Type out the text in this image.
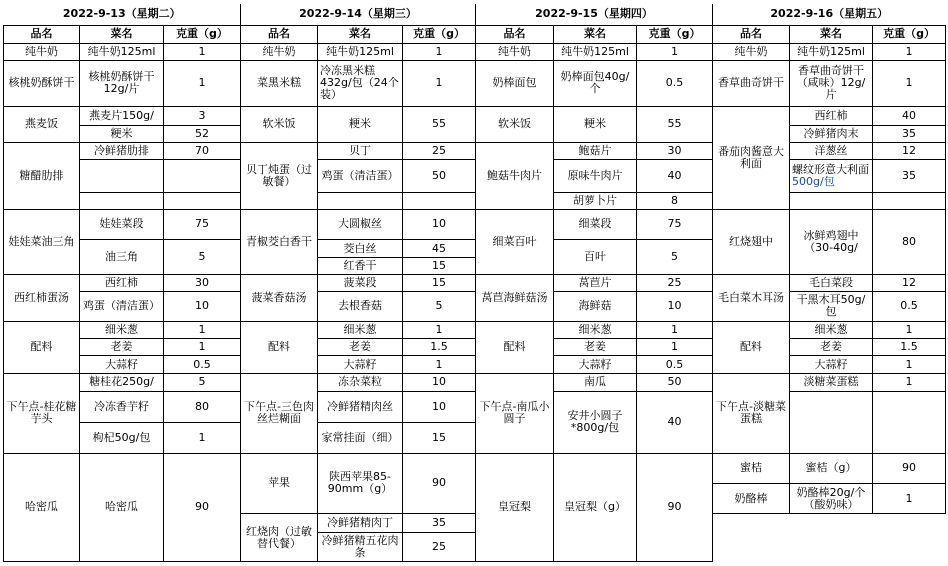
2022-9-13（星期二）			2022-9-14（星期三）			2022-9-15（星期四）			2022-9-16（星期五）		
品名	菜名	克重（g）	品名	菜名	克重（g）	品名	菜名	克重（g）	品名	菜名	克重（g）
纯牛奶	纯牛奶125ml	1	纯牛奶	纯牛奶125ml	1	纯牛奶	纯牛奶125ml	1	纯牛奶	纯牛奶125ml	1
核桃奶酥饼干	核桃奶酥饼干12g/片	1	菜黑米糕	冷冻黑米糕432g/包（24个装）	1	奶棒面包	奶棒面包40g/个	0.5	香草曲奇饼干	香草曲奇饼干（咸味）12g/片	1
燕麦饭	燕麦片150g/	3	软米饭	粳米	55	软米饭	粳米	55	番茄肉酱意大利面	西红柿	40
	粳米	52								冷鲜猪肉末	35
糖醋肋排	冷鲜猪肋排	70	贝丁炖蛋（过敏餐）	贝丁	25	鲍菇牛肉片	鲍菇片	30		洋葱丝	12
				鸡蛋（清洁蛋）	50		原味牛肉片	40		螺纹形意大利面500g/包	35
							胡萝卜片	8			
娃娃菜油三角	娃娃菜段	75	青椒茭白香干	大圆椒丝	10	细菜百叶	细菜段	75	红烧翅中	冰鲜鸡翅中（30-40g/	80
	油三角	5		茭白丝	45		百叶	5			
				红香干	15						
西红柿蛋汤	西红柿	30	菠菜香菇汤	菠菜段	15	莴苣海鲜菇汤	莴苣片	25	毛白菜木耳汤	毛白菜段	12
	鸡蛋（清洁蛋）	10		去根香菇	5		海鲜菇	10		干黑木耳50g/包	0.5
配料	细米葱	1	配料	细米葱	1	配料	细米葱	1	配料	细米葱	1
	老姜	1		老姜	1.5		老姜	1		老姜	1.5
	大蒜籽	0.5		大蒜籽	1		大蒜籽	0.5		大蒜籽	1
下午点-桂花糖芋头	糖桂花250g/	5	下午点-三色肉丝烂糊面	冻杂菜粒	10	下午点-南瓜小圆子	南瓜	50	下午点-淡糖菜蛋糕	淡糖菜蛋糕	1
	冷冻香芋籽	80		冷鲜猪精肉丝	10		安井小圆子*800g/包	40			
	枸杞50g/包	1		家常挂面（细）	15						
哈密瓜	哈密瓜	90	苹果	陕西苹果85-90mm（g）	90	皇冠梨	皇冠梨（g）	90	蜜桔	蜜桔（g）	90
									奶酪棒	奶酪棒20g/个（酸奶味）	1
			红烧肉（过敏替代餐）	冷鲜猪精肉丁	35						
				冷鲜猪精五花肉条	25						
